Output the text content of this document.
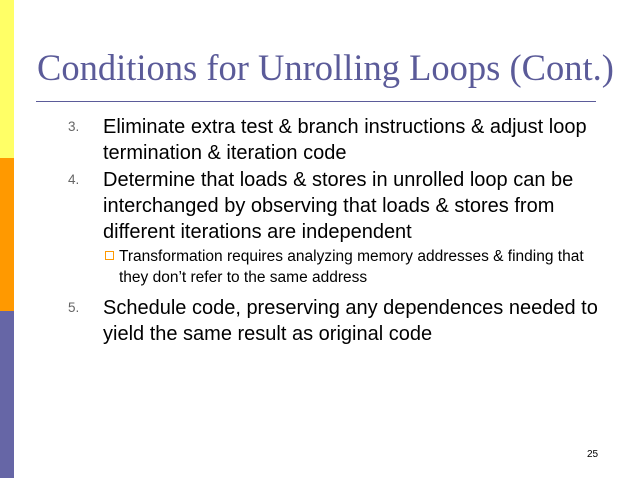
Conditions for Unrolling Loops (Cont.)
3. Eliminate extra test & branch instructions & adjust loop termination & iteration code
4. Determine that loads & stores in unrolled loop can be interchanged by observing that loads & stores from different iterations are independent
Transformation requires analyzing memory addresses & finding that they don’t refer to the same address
5. Schedule code, preserving any dependences needed to yield the same result as original code
25
